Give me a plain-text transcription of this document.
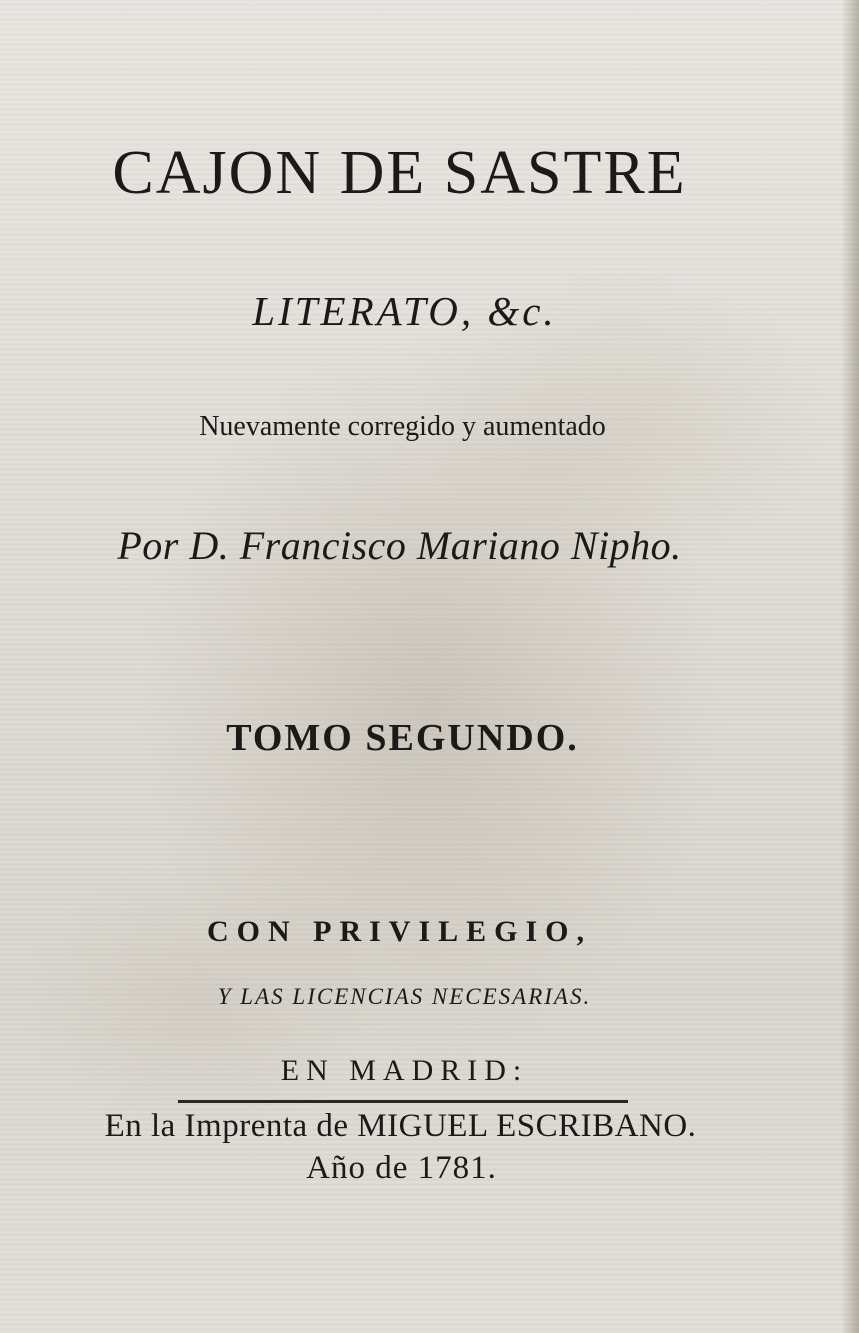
CAJON DE SASTRE
LITERATO, &c.
Nuevamente corregido y aumentado
Por D. Francisco Mariano Nipho.
TOMO SEGUNDO.
CON PRIVILEGIO,
Y LAS LICENCIAS NECESARIAS.
EN MADRID:
En la Imprenta de MIGUEL ESCRIBANO.
Año de 1781.
